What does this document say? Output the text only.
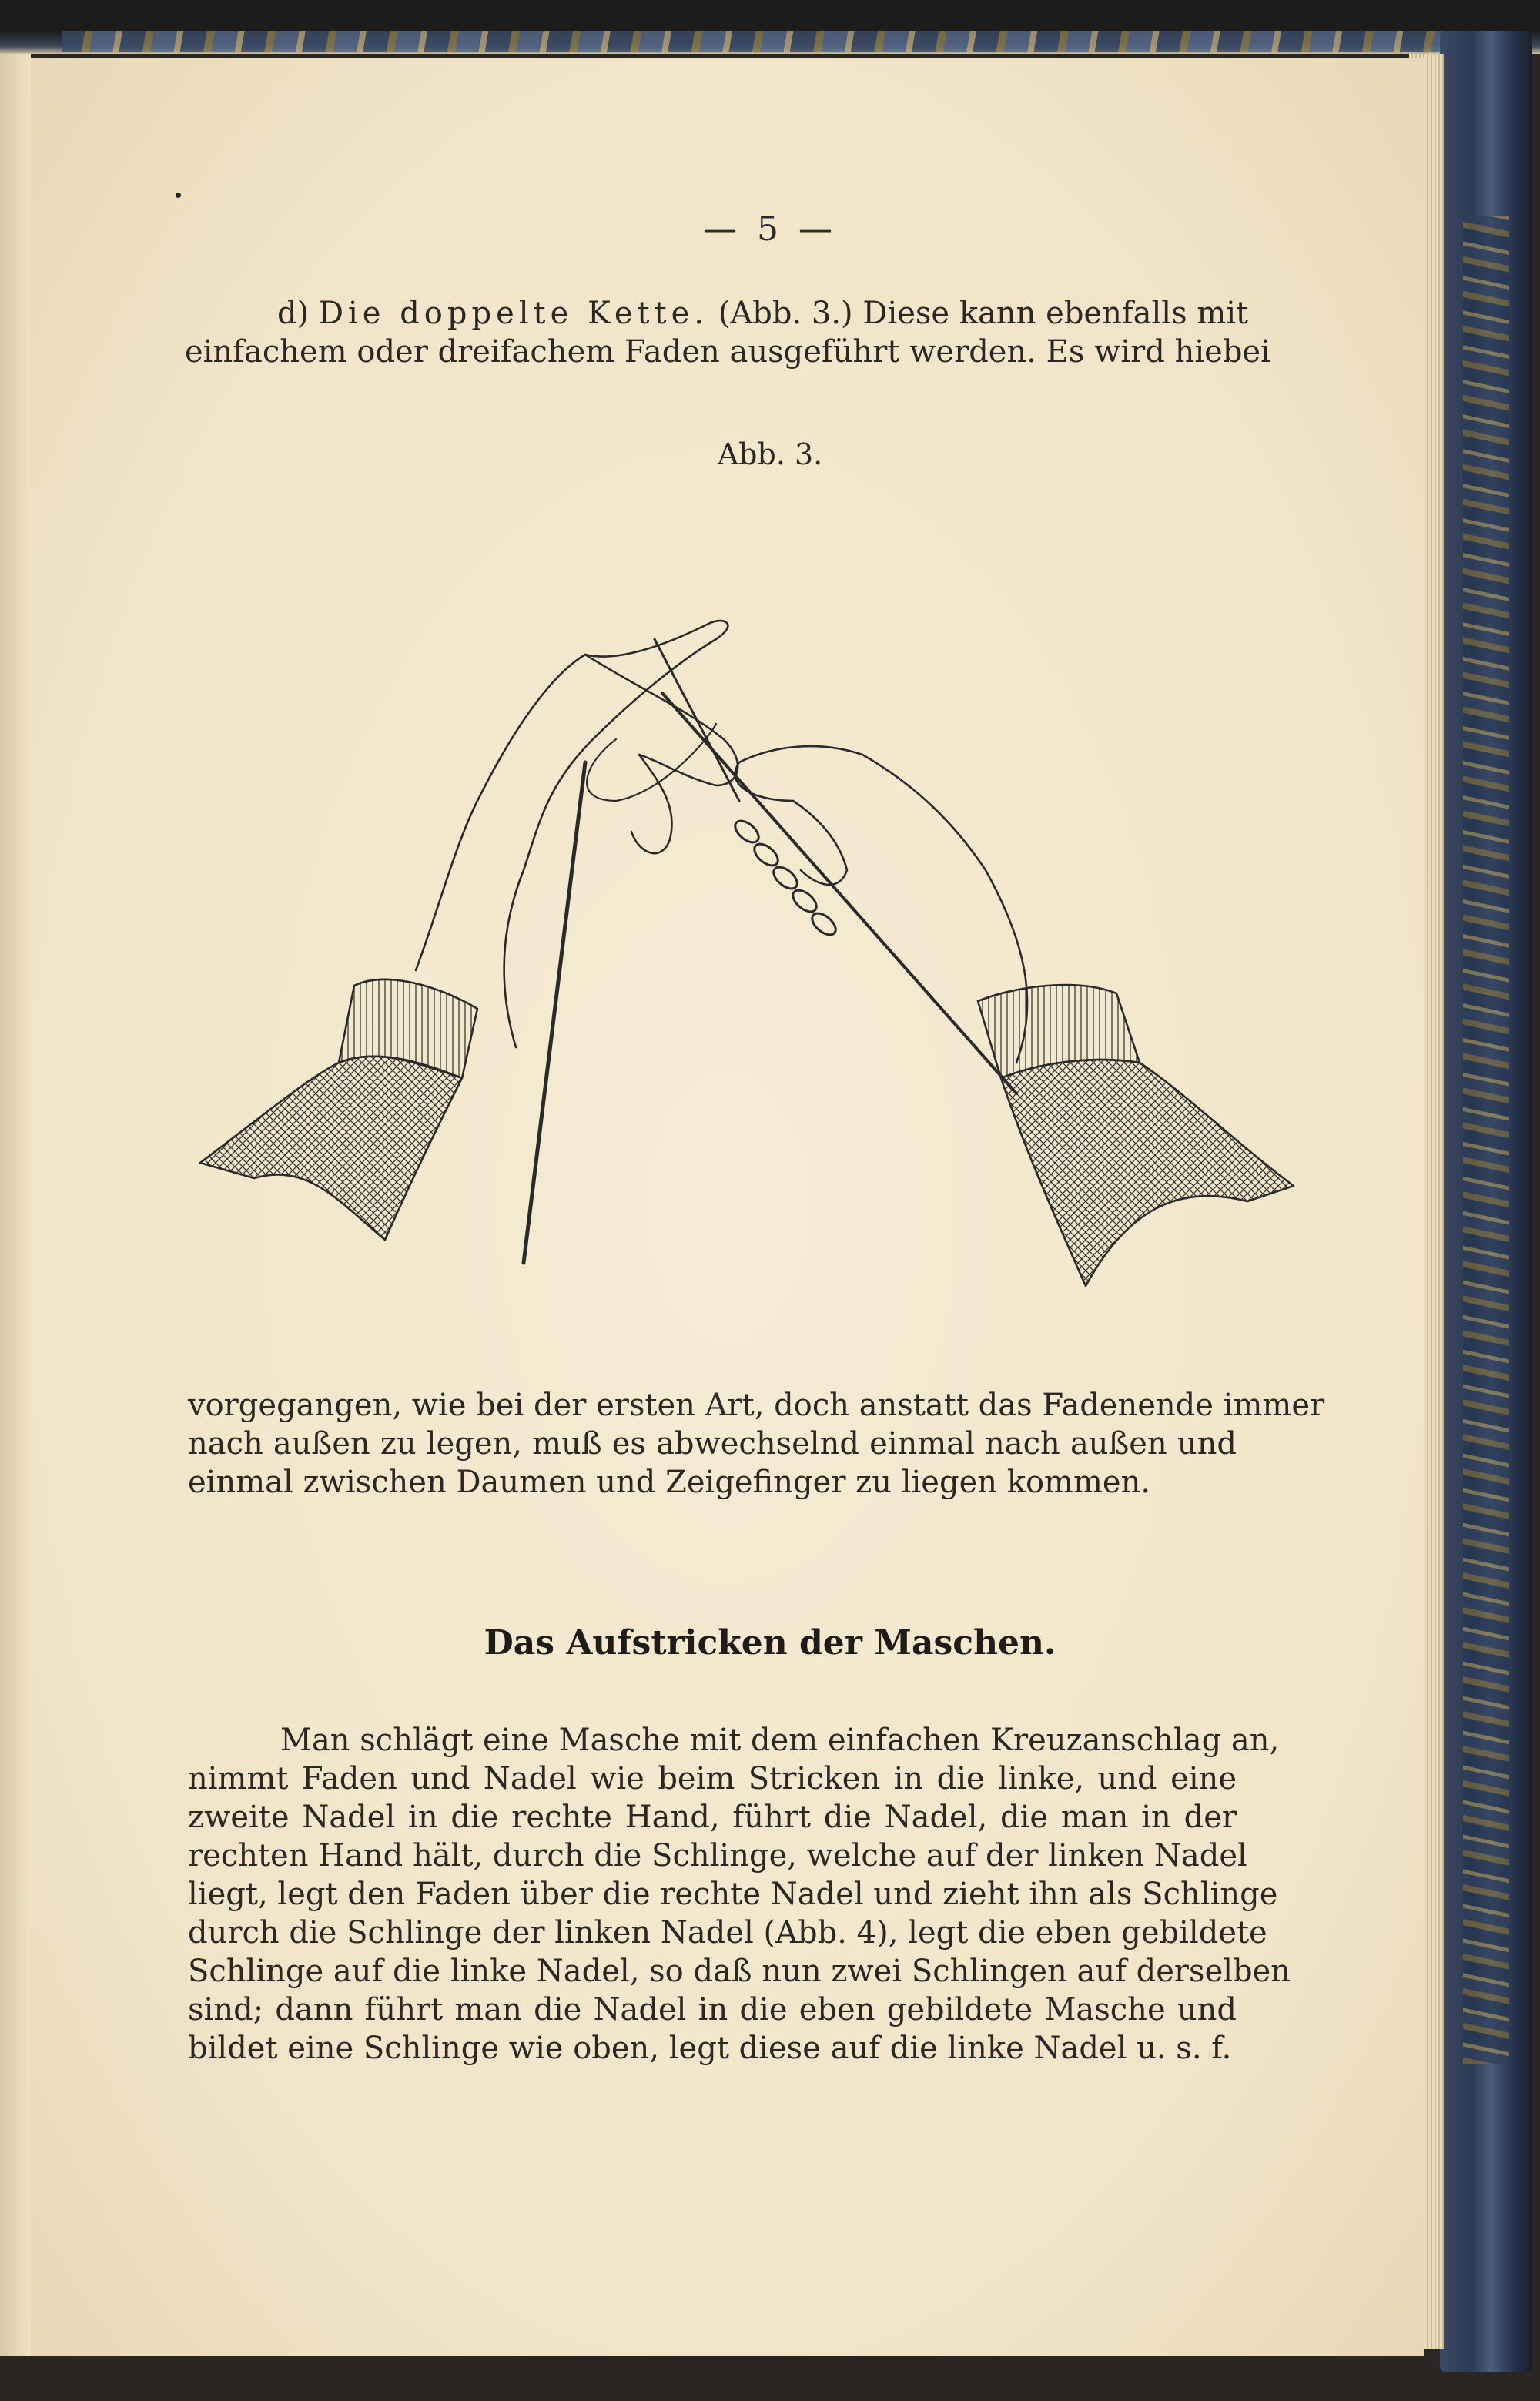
— 5 —
d) Die doppelte Kette. (Abb. 3.) Diese kann ebenfalls mit
einfachem oder dreifachem Faden ausgeführt werden. Es wird hiebei
Abb. 3.
vorgegangen, wie bei der ersten Art, doch anstatt das Fadenende immer
nach außen zu legen, muß es abwechselnd einmal nach außen und
einmal zwischen Daumen und Zeigefinger zu liegen kommen.
Das Aufstricken der Maschen.
Man schlägt eine Masche mit dem einfachen Kreuzanschlag an,
nimmt Faden und Nadel wie beim Stricken in die linke, und eine
zweite Nadel in die rechte Hand, führt die Nadel, die man in der
rechten Hand hält, durch die Schlinge, welche auf der linken Nadel
liegt, legt den Faden über die rechte Nadel und zieht ihn als Schlinge
durch die Schlinge der linken Nadel (Abb. 4), legt die eben gebildete
Schlinge auf die linke Nadel, so daß nun zwei Schlingen auf derselben
sind; dann führt man die Nadel in die eben gebildete Masche und
bildet eine Schlinge wie oben, legt diese auf die linke Nadel u. s. f.
